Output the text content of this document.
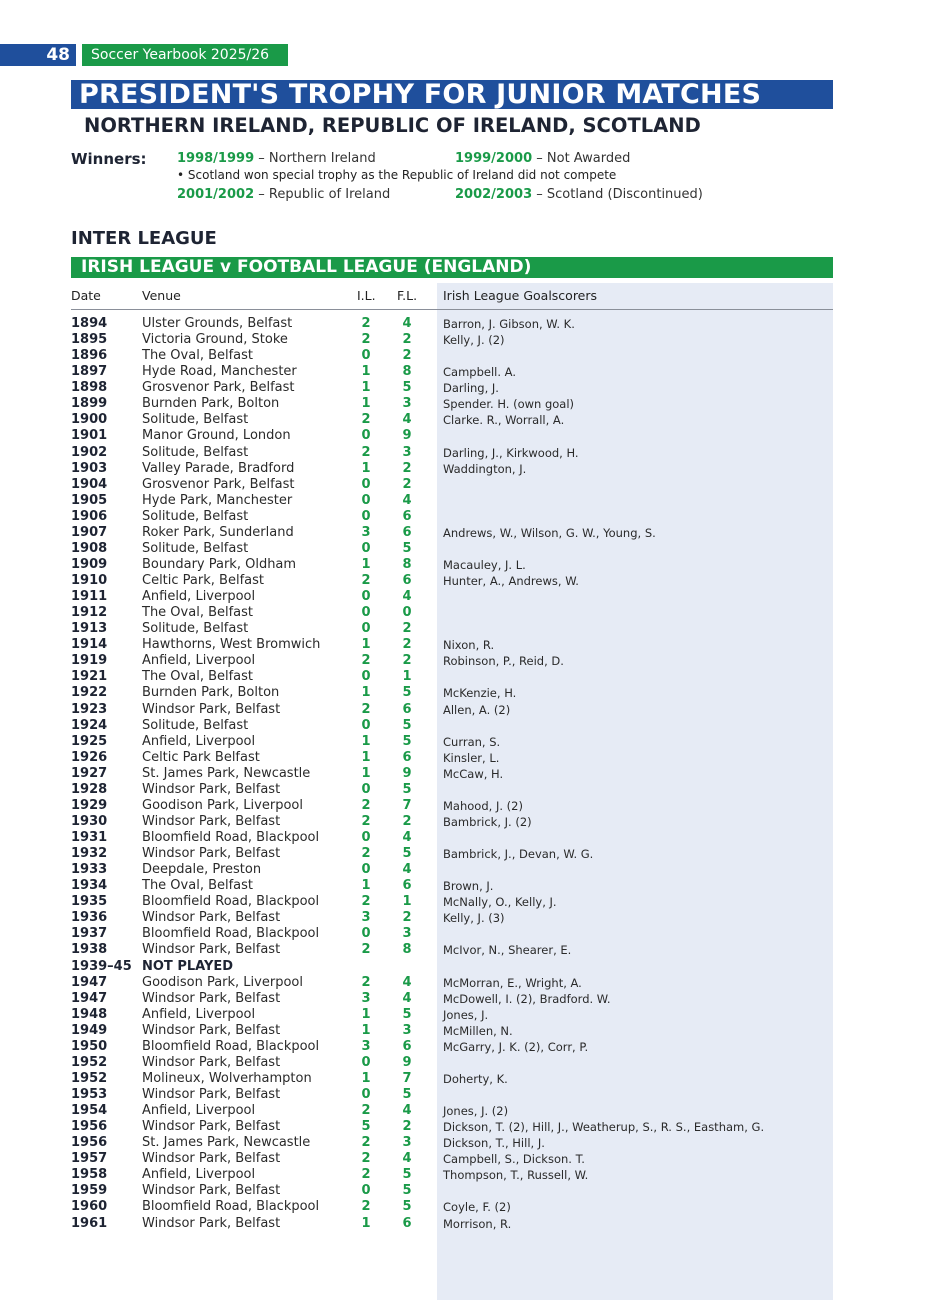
48	Soccer Yearbook 2025/26
PRESIDENT'S TROPHY FOR JUNIOR MATCHES
NORTHERN IRELAND, REPUBLIC OF IRELAND, SCOTLAND
Winners: 1998/1999 – Northern Ireland	1999/2000 – Not Awarded
• Scotland won special trophy as the Republic of Ireland did not compete
2001/2002 – Republic of Ireland	2002/2003 – Scotland (Discontinued)
INTER LEAGUE
IRISH LEAGUE v FOOTBALL LEAGUE (ENGLAND)
Date	Venue	I.L. F.L. Irish League Goalscorers
1894	Ulster Grounds, Belfast	2 4	Barron, J. Gibson, W. K.
1895	Victoria Ground, Stoke	2 2	Kelly, J. (2)
1896	The Oval, Belfast	0 2
1897	Hyde Road, Manchester	1 8	Campbell. A.
1898	Grosvenor Park, Belfast	1 5	Darling, J.
1899	Burnden Park, Bolton	1 3	Spender. H. (own goal)
1900	Solitude, Belfast	2 4	Clarke. R., Worrall, A.
1901	Manor Ground, London	0 9
1902	Solitude, Belfast	2 3	Darling, J., Kirkwood, H.
1903	Valley Parade, Bradford	1 2	Waddington, J.
1904	Grosvenor Park, Belfast	0 2
1905	Hyde Park, Manchester	0 4
1906	Solitude, Belfast	0 6
1907	Roker Park, Sunderland	3 6	Andrews, W., Wilson, G. W., Young, S.
1908	Solitude, Belfast	0 5
1909	Boundary Park, Oldham	1 8	Macauley, J. L.
1910	Celtic Park, Belfast	2 6	Hunter, A., Andrews, W.
1911	Anfield, Liverpool	0 4
1912	The Oval, Belfast	0 0
1913	Solitude, Belfast	0 2
1914	Hawthorns, West Bromwich	1 2	Nixon, R.
1919	Anfield, Liverpool	2 2	Robinson, P., Reid, D.
1921	The Oval, Belfast	0 1
1922	Burnden Park, Bolton	1 5	McKenzie, H.
1923	Windsor Park, Belfast	2 6	Allen, A. (2)
1924	Solitude, Belfast	0 5
1925	Anfield, Liverpool	1 5	Curran, S.
1926	Celtic Park Belfast	1 6	Kinsler, L.
1927	St. James Park, Newcastle	1 9	McCaw, H.
1928	Windsor Park, Belfast	0 5
1929	Goodison Park, Liverpool	2 7	Mahood, J. (2)
1930	Windsor Park, Belfast	2 2	Bambrick, J. (2)
1931	Bloomfield Road, Blackpool	0 4
1932	Windsor Park, Belfast	2 5	Bambrick, J., Devan, W. G.
1933	Deepdale, Preston	0 4
1934	The Oval, Belfast	1 6	Brown, J.
1935	Bloomfield Road, Blackpool	2 1	McNally, O., Kelly, J.
1936	Windsor Park, Belfast	3 2	Kelly, J. (3)
1937	Bloomfield Road, Blackpool	0 3
1938	Windsor Park, Belfast	2 8	McIvor, N., Shearer, E.
1939–45 NOT PLAYED
1947	Goodison Park, Liverpool	2 4	McMorran, E., Wright, A.
1947	Windsor Park, Belfast	3 4	McDowell, I. (2), Bradford. W.
1948	Anfield, Liverpool	1 5	Jones, J.
1949	Windsor Park, Belfast	1 3	McMillen, N.
1950	Bloomfield Road, Blackpool	3 6	McGarry, J. K. (2), Corr, P.
1952	Windsor Park, Belfast	0 9
1952	Molineux, Wolverhampton	1 7	Doherty, K.
1953	Windsor Park, Belfast	0 5
1954	Anfield, Liverpool	2 4	Jones, J. (2)
1956	Windsor Park, Belfast	5 2	Dickson, T. (2), Hill, J., Weatherup, S., R. S., Eastham, G.
1956	St. James Park, Newcastle	2 3	Dickson, T., Hill, J.
1957	Windsor Park, Belfast	2 4	Campbell, S., Dickson. T.
1958	Anfield, Liverpool	2 5	Thompson, T., Russell, W.
1959	Windsor Park, Belfast	0 5
1960	Bloomfield Road, Blackpool	2 5	Coyle, F. (2)
1961	Windsor Park, Belfast	1 6	Morrison, R.
